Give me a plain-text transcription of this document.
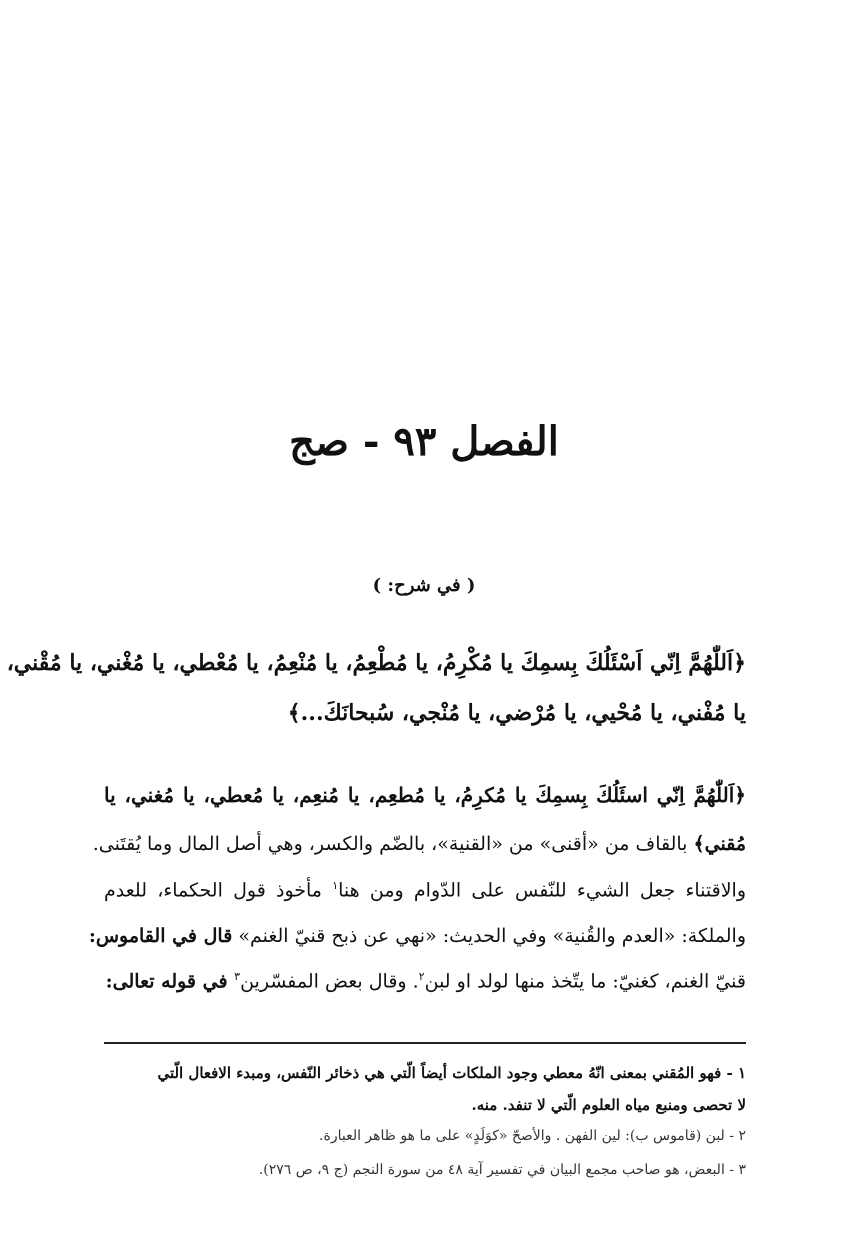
الفصل ٩٣ - صج
( في شرح: )
﴿اَللّٰهُمَّ اِنّي اَسْئَلُكَ بِسمِكَ يا مُكْرِمُ، يا مُطْعِمُ، يا مُنْعِمُ، يا مُعْطي، يا مُغْني، يا مُقْني،
يا مُفْني، يا مُحْيي، يا مُرْضي، يا مُنْجي، سُبحانَكَ...﴾
﴿اَللّٰهُمَّ اِنّي اسئَلُكَ بِسمِكَ يا مُكرِمُ، يا مُطعِم، يا مُنعِم، يا مُعطي، يا مُغني، يا
مُقني﴾ بالقاف من «أقنى» من «القنية»، بالضّم والكسر، وهي أصل المال وما يُقتَنى.
والاقتناء جعل الشيء للنّفس على الدّوام ومن هنا$^١$ مأخوذ قول الحكماء، للعدم
والملكة: «العدم والقُنية» وفي الحديث: «نهي عن ذبح قنيّ الغنم» قال في القاموس:
قنيّ الغنم، كغنيّ: ما يتّخذ منها لولد او لبن$^٢$. وقال بعض المفسّرين$^٣$ في قوله تعالى:
١ - فهو المُقني بمعنى انّهُ معطي وجود الملكات أيضاً الّتي هي ذخائر النّفس، ومبدء الافعال الّتي
لا تحصى ومنبع مياه العلوم الّتي لا تنفد. منه.
٢ - لبن (قاموس ب): لين الفهن . والأصحّ «كوَلَدٍ» على ما هو ظاهر العبارة.
٣ - البعض، هو صاحب مجمع البيان في تفسير آية ٤٨ من سورة النجم (ج ٩، ص ٢٧٦).
